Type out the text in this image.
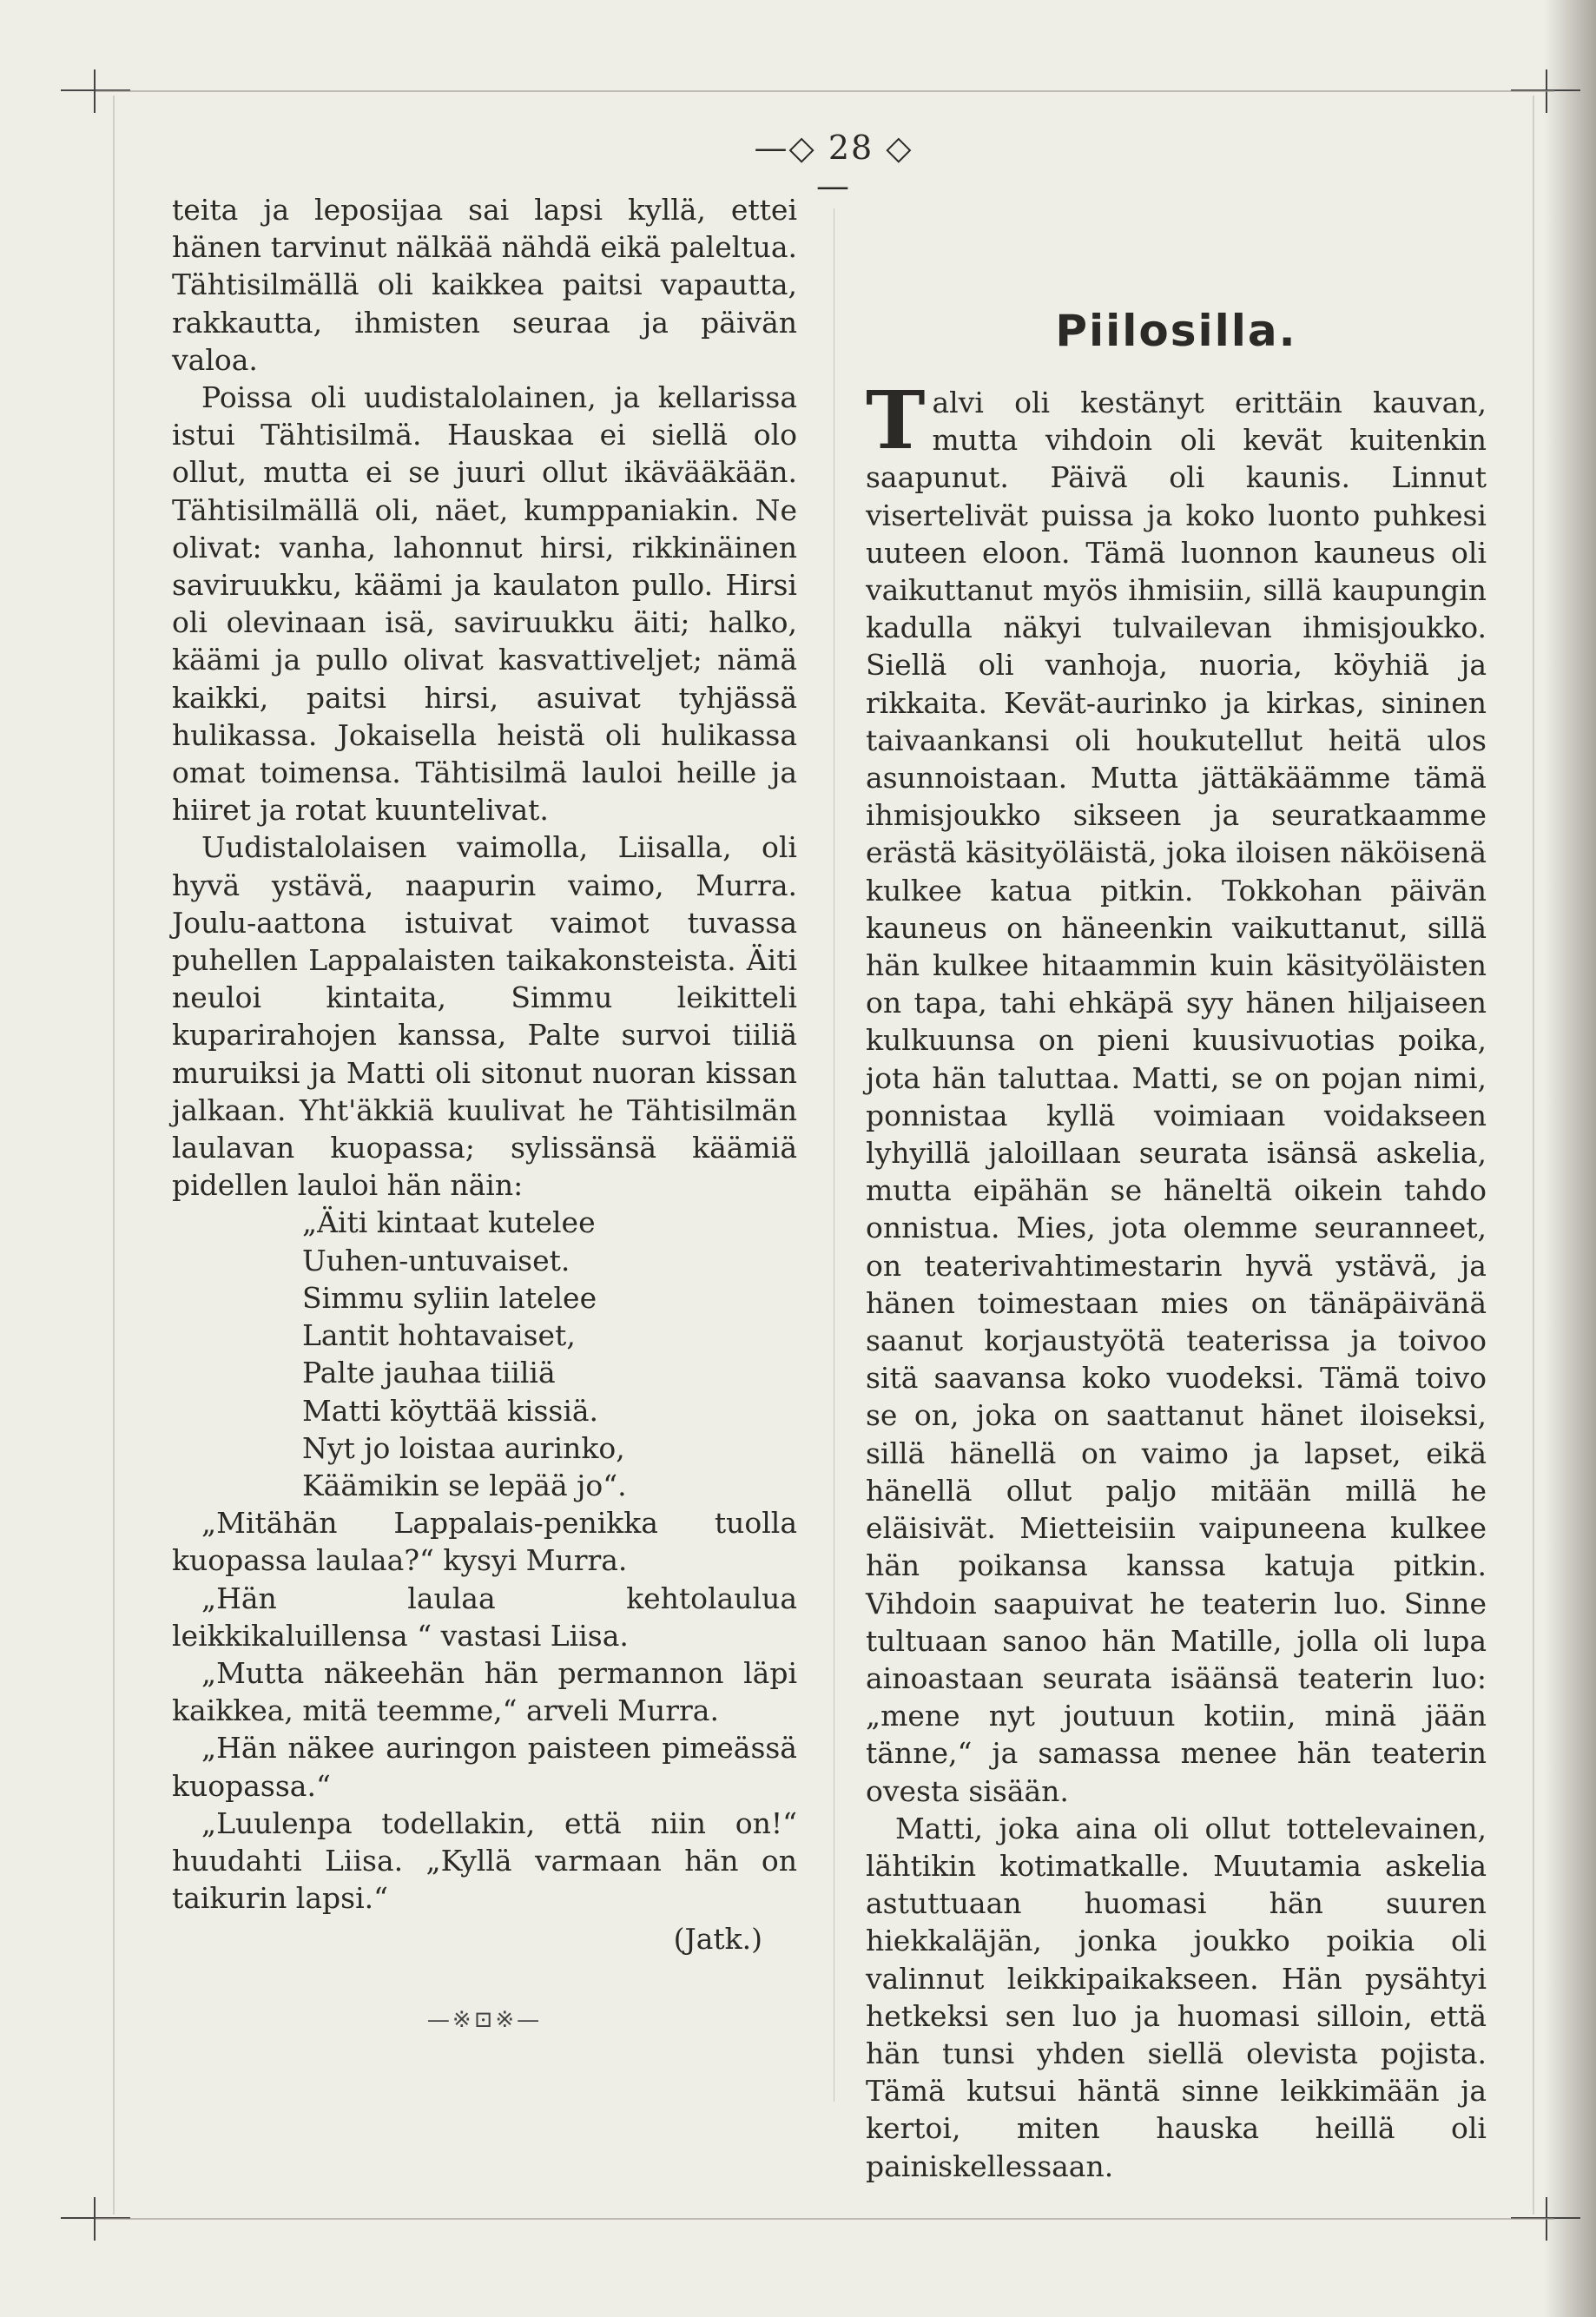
—◇ 28 ◇—

teita ja leposijaa sai lapsi kyllä, ettei hänen tarvinut nälkää nähdä eikä paleltua. Tähtisilmällä oli kaikkea paitsi vapautta, rakkautta, ihmisten seuraa ja päivän valoa.

Poissa oli uudistalolainen, ja kellarissa istui Tähtisilmä. Hauskaa ei siellä olo ollut, mutta ei se juuri ollut ikävääkään. Tähtisilmällä oli, näet, kumppaniakin. Ne olivat: vanha, lahonnut hirsi, rikkinäinen saviruukku, käämi ja kaulaton pullo. Hirsi oli olevinaan isä, saviruukku äiti; halko, käämi ja pullo olivat kasvattiveljet; nämä kaikki, paitsi hirsi, asuivat tyhjässä hulikassa. Jokaisella heistä oli hulikassa omat toimensa. Tähtisilmä lauloi heille ja hiiret ja rotat kuuntelivat.

Uudistalolaisen vaimolla, Liisalla, oli hyvä ystävä, naapurin vaimo, Murra. Joulu-aattona istuivat vaimot tuvassa puhellen Lappalaisten taikakonsteista. Äiti neuloi kintaita, Simmu leikitteli kuparirahojen kanssa, Palte survoi tiiliä muruiksi ja Matti oli sitonut nuoran kissan jalkaan. Yht'äkkiä kuulivat he Tähtisilmän laulavan kuopassa; sylissänsä käämiä pidellen lauloi hän näin:

„Äiti kintaat kutelee
Uuhen-untuvaiset.
Simmu syliin latelee
Lantit hohtavaiset,
Palte jauhaa tiiliä
Matti köyttää kissiä.
Nyt jo loistaa aurinko,
Käämikin se lepää jo“.

„Mitähän Lappalais-penikka tuolla kuopassa laulaa?“ kysyi Murra.

„Hän laulaa kehtolaulua leikkikaluillensa “ vastasi Liisa.

„Mutta näkeehän hän permannon läpi kaikkea, mitä teemme,“ arveli Murra.

„Hän näkee auringon paisteen pimeässä kuopassa.“

„Luulenpa todellakin, että niin on!“ huudahti Liisa. „Kyllä varmaan hän on taikurin lapsi.“

(Jatk.)

—※⊡※—
Piilosilla.

Talvi oli kestänyt erittäin kauvan, mutta vihdoin oli kevät kuitenkin saapunut. Päivä oli kaunis. Linnut visertelivät puissa ja koko luonto puhkesi uuteen eloon. Tämä luonnon kauneus oli vaikuttanut myös ihmisiin, sillä kaupungin kadulla näkyi tulvailevan ihmisjoukko. Siellä oli vanhoja, nuoria, köyhiä ja rikkaita. Kevät-aurinko ja kirkas, sininen taivaankansi oli houkutellut heitä ulos asunnoistaan. Mutta jättäkäämme tämä ihmisjoukko sikseen ja seuratkaamme erästä käsityöläistä, joka iloisen näköisenä kulkee katua pitkin. Tokkohan päivän kauneus on häneenkin vaikuttanut, sillä hän kulkee hitaammin kuin käsityöläisten on tapa, tahi ehkäpä syy hänen hiljaiseen kulkuunsa on pieni kuusivuotias poika, jota hän taluttaa. Matti, se on pojan nimi, ponnistaa kyllä voimiaan voidakseen lyhyillä jaloillaan seurata isänsä askelia, mutta eipähän se häneltä oikein tahdo onnistua. Mies, jota olemme seuranneet, on teaterivahtimestarin hyvä ystävä, ja hänen toimestaan mies on tänäpäivänä saanut korjaustyötä teaterissa ja toivoo sitä saavansa koko vuodeksi. Tämä toivo se on, joka on saattanut hänet iloiseksi, sillä hänellä on vaimo ja lapset, eikä hänellä ollut paljo mitään millä he eläisivät. Mietteisiin vaipuneena kulkee hän poikansa kanssa katuja pitkin. Vihdoin saapuivat he teaterin luo. Sinne tultuaan sanoo hän Matille, jolla oli lupa ainoastaan seurata isäänsä teaterin luo: „mene nyt joutuun kotiin, minä jään tänne,“ ja samassa menee hän teaterin ovesta sisään.

Matti, joka aina oli ollut tottelevainen, lähtikin kotimatkalle. Muutamia askelia astuttuaan huomasi hän suuren hiekkaläjän, jonka joukko poikia oli valinnut leikkipaikakseen. Hän pysähtyi hetkeksi sen luo ja huomasi silloin, että hän tunsi yhden siellä olevista pojista. Tämä kutsui häntä sinne leikkimään ja kertoi, miten hauska heillä oli painiskellessaan.
